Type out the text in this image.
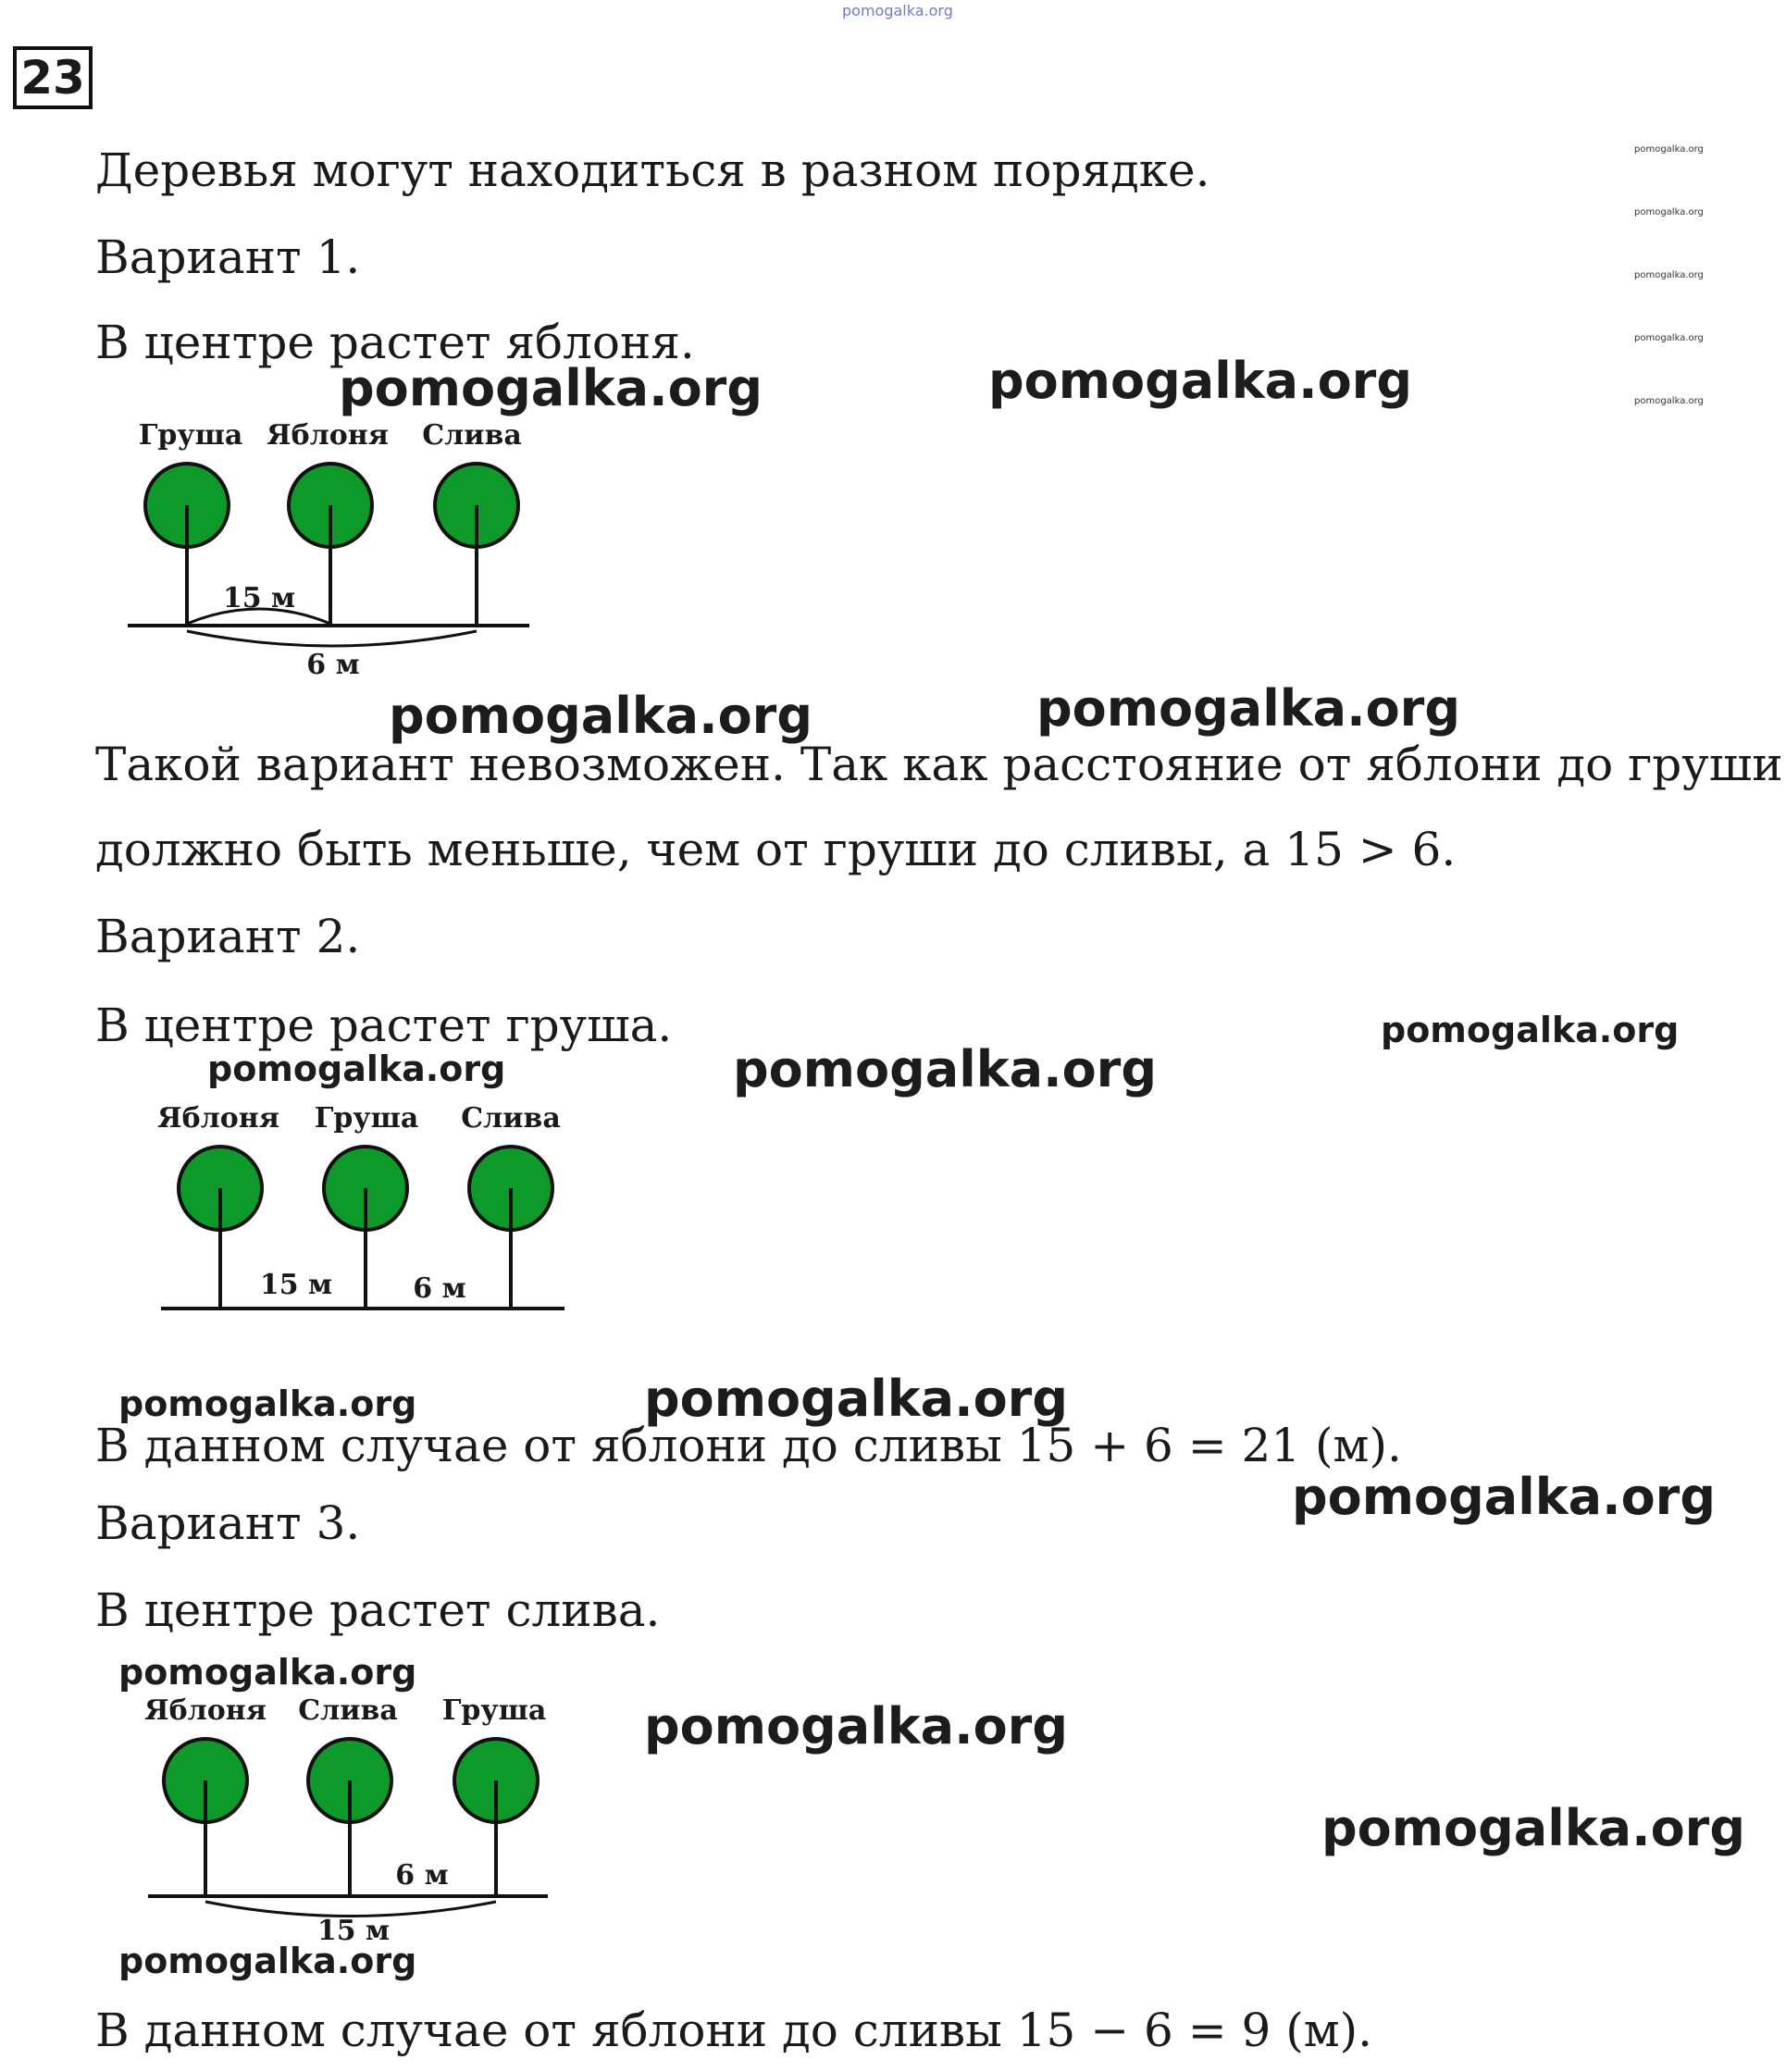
pomogalka.org

23
pomogalka.org
pomogalka.org
pomogalka.org
pomogalka.org
pomogalka.org
Деревья могут находиться в разном порядке.
Вариант 1.
В центре растет яблоня.
pomogalka.org	pomogalka.org
Груша Яблоня Слива
15 м
6 м
pomogalka.org	pomogalka.org
Такой вариант невозможен. Так как расстояние от яблони до груши
должно быть меньше, чем от груши до сливы, а 15 > 6.
Вариант 2.
В центре растет груша.	pomogalka.org
pomogalka.org	pomogalka.org
Яблоня Груша Слива
15 м	6 м
pomogalka.org	pomogalka.org
В данном случае от яблони до сливы 15 + 6 = 21 (м).
Вариант 3.	pomogalka.org
В центре растет слива.
pomogalka.org
pomogalka.org
pomogalka.org
Яблоня Слива Груша
6 м
15 м
pomogalka.org
В данном случае от яблони до сливы 15 − 6 = 9 (м).
